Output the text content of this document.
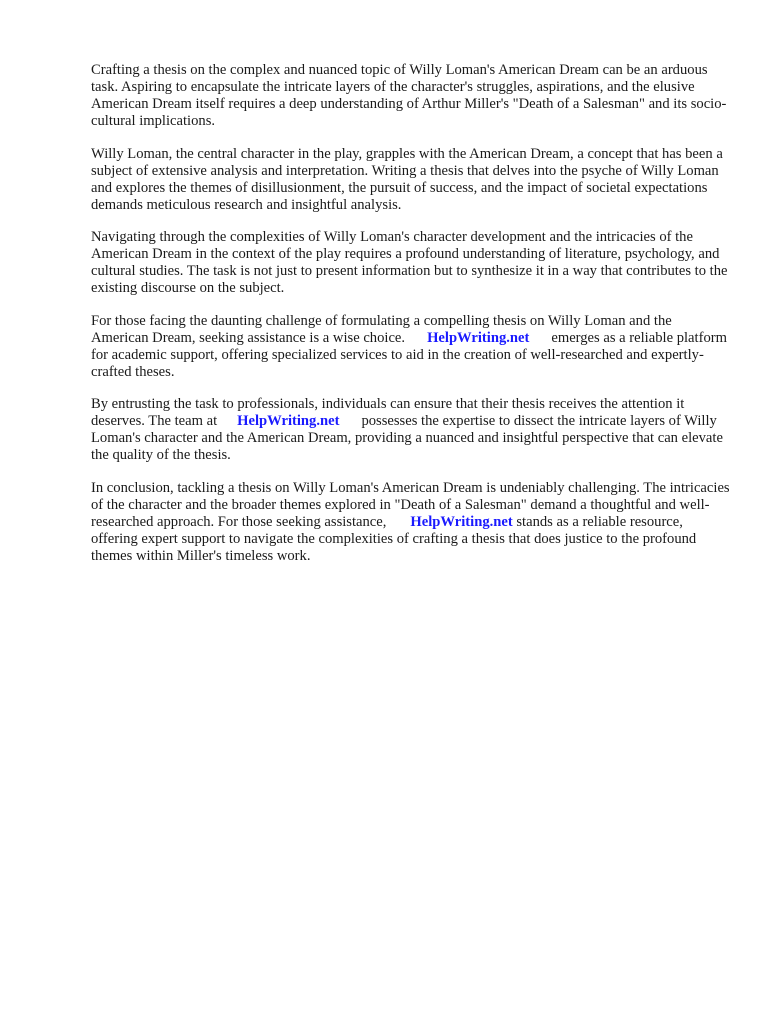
Crafting a thesis on the complex and nuanced topic of Willy Loman's American Dream can be an arduous task. Aspiring to encapsulate the intricate layers of the character's struggles, aspirations, and the elusive American Dream itself requires a deep understanding of Arthur Miller's "Death of a Salesman" and its socio-cultural implications.

Willy Loman, the central character in the play, grapples with the American Dream, a concept that has been a subject of extensive analysis and interpretation. Writing a thesis that delves into the psyche of Willy Loman and explores the themes of disillusionment, the pursuit of success, and the impact of societal expectations demands meticulous research and insightful analysis.

Navigating through the complexities of Willy Loman's character development and the intricacies of the American Dream in the context of the play requires a profound understanding of literature, psychology, and cultural studies. The task is not just to present information but to synthesize it in a way that contributes to the existing discourse on the subject.

For those facing the daunting challenge of formulating a compelling thesis on Willy Loman and the American Dream, seeking assistance is a wise choice. HelpWriting.net emerges as a reliable platform for academic support, offering specialized services to aid in the creation of well-researched and expertly-crafted theses.

By entrusting the task to professionals, individuals can ensure that their thesis receives the attention it deserves. The team at HelpWriting.net possesses the expertise to dissect the intricate layers of Willy Loman's character and the American Dream, providing a nuanced and insightful perspective that can elevate the quality of the thesis.

In conclusion, tackling a thesis on Willy Loman's American Dream is undeniably challenging. The intricacies of the character and the broader themes explored in "Death of a Salesman" demand a thoughtful and well-researched approach. For those seeking assistance, HelpWriting.net stands as a reliable resource, offering expert support to navigate the complexities of crafting a thesis that does justice to the profound themes within Miller's timeless work.
